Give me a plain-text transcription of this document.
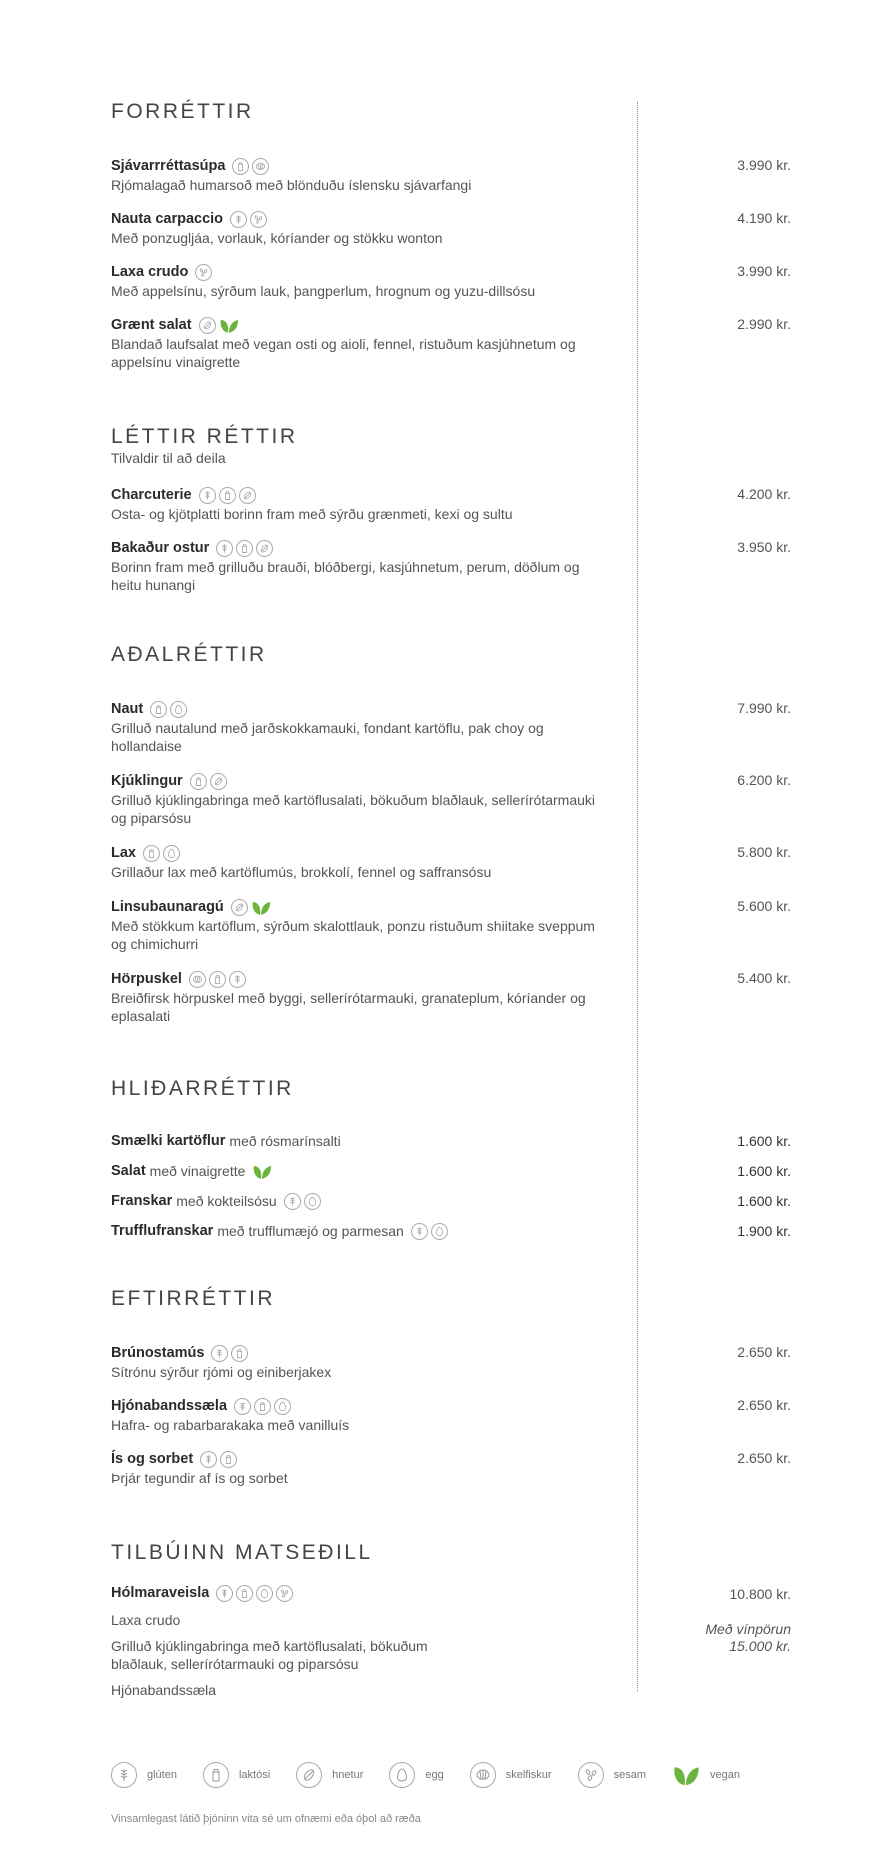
FORRÉTTIR
Sjávarrréttasúpa
Rjómalagað humarsoð með blönduðu íslensku sjávarfangi
3.990 kr.
Nauta carpaccio
Með ponzugljáa, vorlauk, kóríander og stökku wonton
4.190 kr.
Laxa crudo
Með appelsínu, sýrðum lauk, þangperlum, hrognum og yuzu-dillsósu
3.990 kr.
Grænt salat
Blandað laufsalat með vegan osti og aioli, fennel, ristuðum kasjúhnetum og appelsínu vinaigrette
2.990 kr.
LÉTTIR RÉTTIR
Tilvaldir til að deila
Charcuterie
Osta- og kjötplatti borinn fram með sýrðu grænmeti, kexi og sultu
4.200 kr.
Bakaður ostur
Borinn fram með grilluðu brauði, blóðbergi, kasjúhnetum, perum, döðlum og heitu hunangi
3.950 kr.
AÐALRÉTTIR
Naut
Grilluð nautalund með jarðskokkamauki, fondant kartöflu, pak choy og hollandaise
7.990 kr.
Kjúklingur
Grilluð kjúklingabringa með kartöflusalati, bökuðum blaðlauk, sellerírótarmauki og piparsósu
6.200 kr.
Lax
Grillaður lax með kartöflumús, brokkolí, fennel og saffransósu
5.800 kr.
Linsubaunaragú
Með stökkum kartöflum, sýrðum skalottlauk, ponzu ristuðum shiitake sveppum og chimichurri
5.600 kr.
Hörpuskel
Breiðfirsk hörpuskel með byggi, sellerírótarmauki, granateplum, kóríander og eplasalati
5.400 kr.
HLIÐARRÉTTIR
Smælki kartöflur með rósmarínsalti	1.600 kr.
Salat með vinaigrette	1.600 kr.
Franskar með kokteilsósu	1.600 kr.
Trufflufranskar með trufflumæjó og parmesan	1.900 kr.
EFTIRRÉTTIR
Brúnostamús
Sítrónu sýrður rjómi og einiberjakex
2.650 kr.
Hjónabandssæla
Hafra- og rabarbarakaka með vanilluís
2.650 kr.
Ís og sorbet
Þrjár tegundir af ís og sorbet
2.650 kr.
TILBÚINN MATSEÐILL
Hólmaraveisla	10.800 kr.
Laxa crudo
Grilluð kjúklingabringa með kartöflusalati, bökuðum blaðlauk, sellerírótarmauki og piparsósu
Hjónabandssæla
Með vínpörun
15.000 kr.
glúten	laktósi	hnetur	egg	skelfiskur	sesam	vegan
Vinsamlegast látið þjóninn vita sé um ofnæmi eða óþol að ræða
